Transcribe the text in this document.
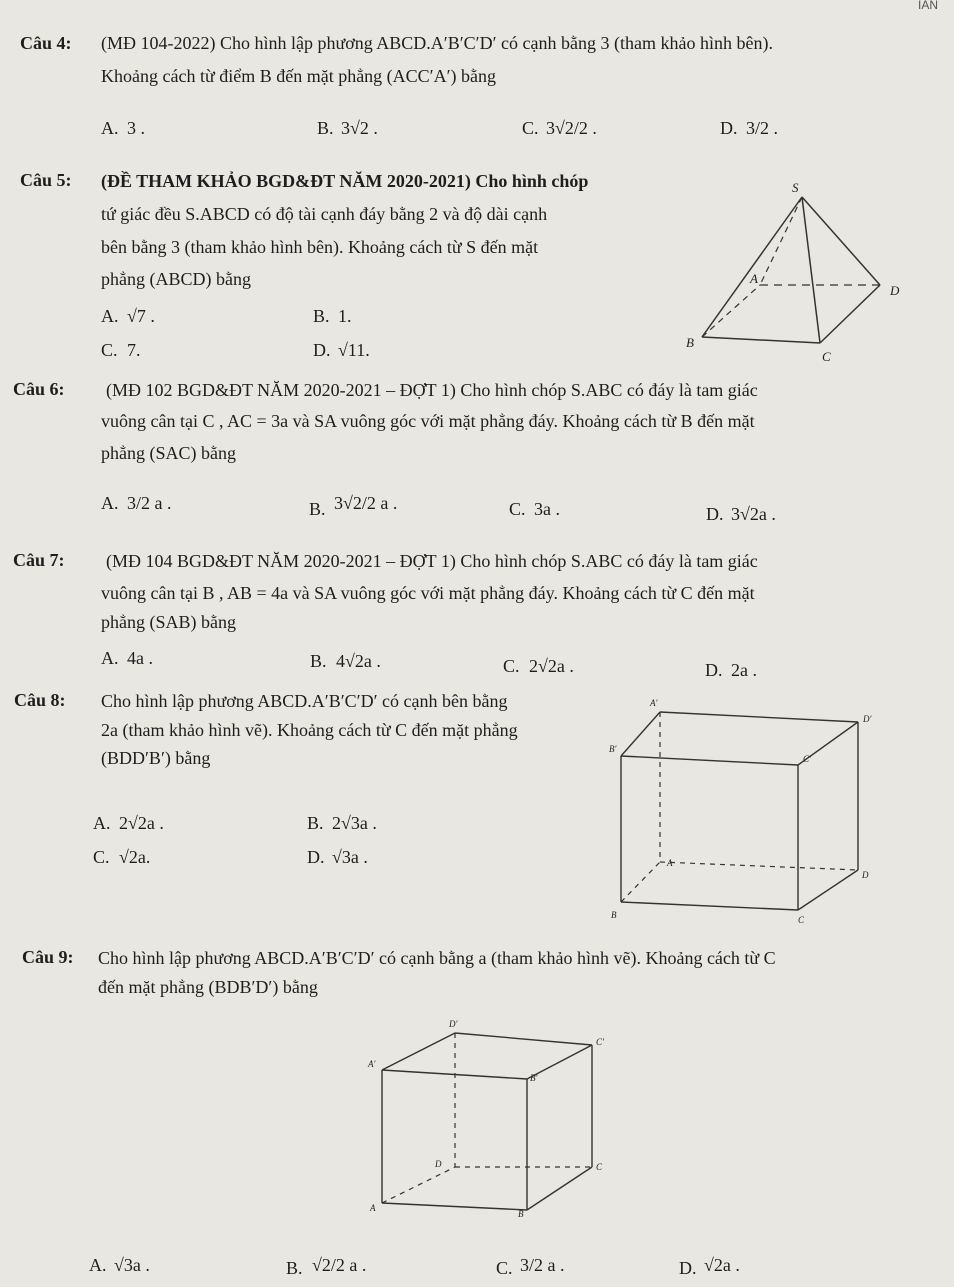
IAN
Câu 4: (MĐ 104-2022) Cho hình lập phương ABCD.A′B′C′D′ có cạnh bằng 3 (tham khảo hình bên).
Khoảng cách từ điểm B đến mặt phẳng (ACC′A′) bằng
A. 3 .	B. 3√2 .	C. 3√2/2 .	D. 3/2 .
Câu 5: (ĐỀ THAM KHẢO BGD&ĐT NĂM 2020-2021) Cho hình chóp
tứ giác đều S.ABCD có độ tài cạnh đáy bằng 2 và độ dài cạnh
bên bằng 3 (tham khảo hình bên). Khoảng cách từ S đến mặt
phẳng (ABCD) bằng
A. √7 .	B. 1.
C. 7.	D. √11.
S
A
D
B
C
Câu 6: (MĐ 102 BGD&ĐT NĂM 2020-2021 – ĐỢT 1) Cho hình chóp S.ABC có đáy là tam giác
vuông cân tại C , AC = 3a và SA vuông góc với mặt phẳng đáy. Khoảng cách từ B đến mặt
phẳng (SAC) bằng
A. 3/2 a .	B. 3√2/2 a .	C. 3a .	D. 3√2a .
Câu 7: (MĐ 104 BGD&ĐT NĂM 2020-2021 – ĐỢT 1) Cho hình chóp S.ABC có đáy là tam giác
vuông cân tại B , AB = 4a và SA vuông góc với mặt phẳng đáy. Khoảng cách từ C đến mặt
phẳng (SAB) bằng
A. 4a .	B. 4√2a .	C. 2√2a .	D. 2a .
Câu 8: Cho hình lập phương ABCD.A′B′C′D′ có cạnh bên bằng
2a (tham khảo hình vẽ). Khoảng cách từ C đến mặt phẳng
(BDD′B′) bằng
A. 2√2a .	B. 2√3a .
C. √2a.	D. √3a .
A′
D′
B′
C′
A
D
B	C
Câu 9: Cho hình lập phương ABCD.A′B′C′D′ có cạnh bằng a (tham khảo hình vẽ). Khoảng cách từ C
đến mặt phẳng (BDB′D′) bằng
D′
C′
A′
B′
D	C
A
B
A. √3a .	B. √2/2 a .	C. 3/2 a .	D. √2a .
